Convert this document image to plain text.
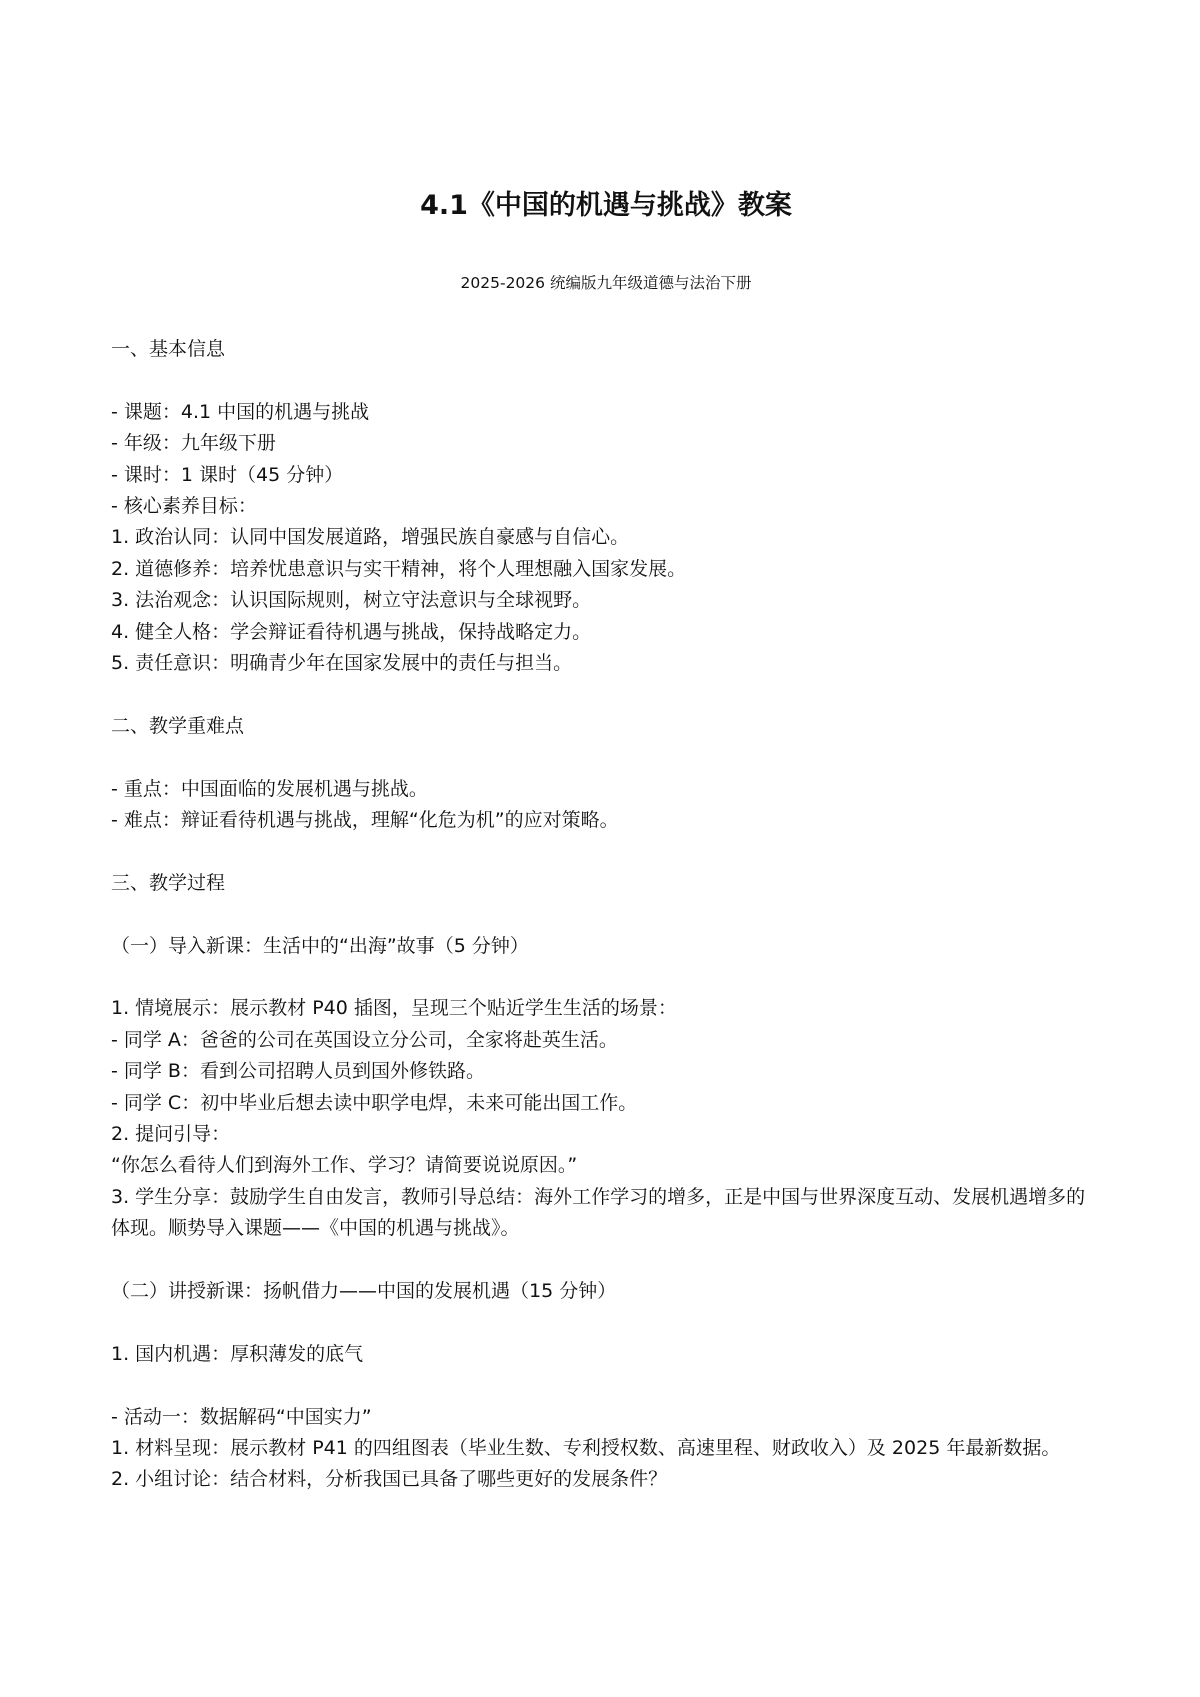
4.1《中国的机遇与挑战》教案

2025-2026 统编版九年级道德与法治下册

一、基本信息

- 课题：4.1 中国的机遇与挑战

- 年级：九年级下册

- 课时：1 课时（45 分钟）

- 核心素养目标：

1. 政治认同：认同中国发展道路，增强民族自豪感与自信心。

2. 道德修养：培养忧患意识与实干精神，将个人理想融入国家发展。

3. 法治观念：认识国际规则，树立守法意识与全球视野。

4. 健全人格：学会辩证看待机遇与挑战，保持战略定力。

5. 责任意识：明确青少年在国家发展中的责任与担当。

二、教学重难点

- 重点：中国面临的发展机遇与挑战。

- 难点：辩证看待机遇与挑战，理解“化危为机”的应对策略。

三、教学过程

（一）导入新课：生活中的“出海”故事（5 分钟）

1. 情境展示：展示教材 P40 插图，呈现三个贴近学生生活的场景：

- 同学 A：爸爸的公司在英国设立分公司，全家将赴英生活。

- 同学 B：看到公司招聘人员到国外修铁路。

- 同学 C：初中毕业后想去读中职学电焊，未来可能出国工作。

2. 提问引导：

“你怎么看待人们到海外工作、学习？请简要说说原因。”

3. 学生分享：鼓励学生自由发言，教师引导总结：海外工作学习的增多，正是中国与世界深度互动、发展机遇增多的体现。顺势导入课题——《中国的机遇与挑战》。

（二）讲授新课：扬帆借力——中国的发展机遇（15 分钟）

1. 国内机遇：厚积薄发的底气

- 活动一：数据解码“中国实力”

1. 材料呈现：展示教材 P41 的四组图表（毕业生数、专利授权数、高速里程、财政收入）及 2025 年最新数据。

2. 小组讨论：结合材料，分析我国已具备了哪些更好的发展条件？
